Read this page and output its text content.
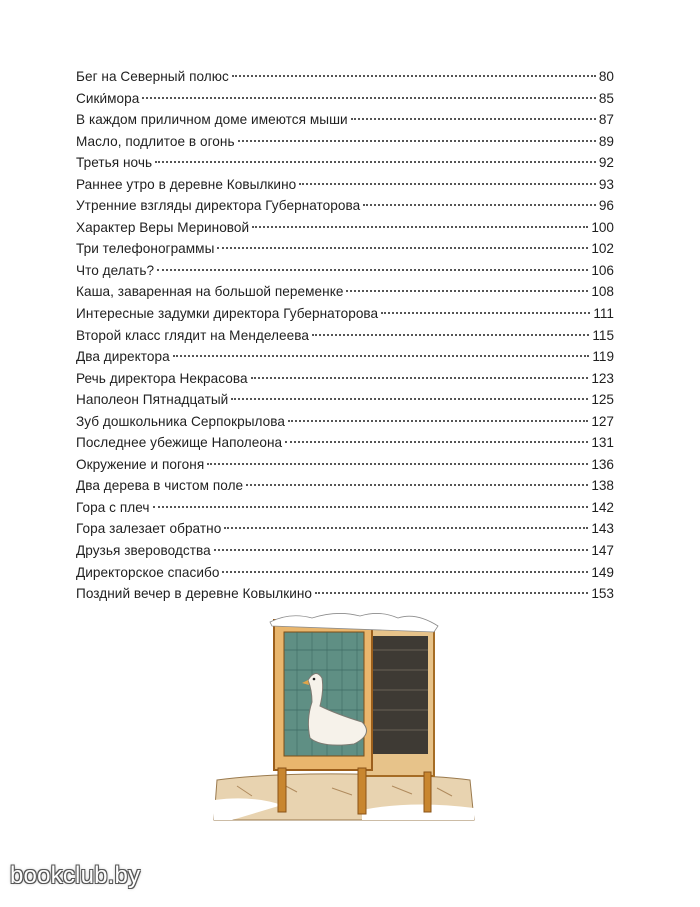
Бег на Северный полюс	80
Сики́мора	85
В каждом приличном доме имеются мыши	87
Масло, подлитое в огонь	89
Третья ночь	92
Раннее утро в деревне Ковылкино	93
Утренние взгляды директора Губернаторова	96
Характер Веры Мериновой	100
Три телефонограммы	102
Что делать?	106
Каша, заваренная на большой переменке	108
Интересные задумки директора Губернаторова	111
Второй класс глядит на Менделеева	115
Два директора	119
Речь директора Некрасова	123
Наполеон Пятнадцатый	125
Зуб дошкольника Серпокрылова	127
Последнее убежище Наполеона	131
Окружение и погоня	136
Два дерева в чистом поле	138
Гора с плеч	142
Гора залезает обратно	143
Друзья звероводства	147
Директорское спасибо	149
Поздний вечер в деревне Ковылкино	153
bookclub.by
